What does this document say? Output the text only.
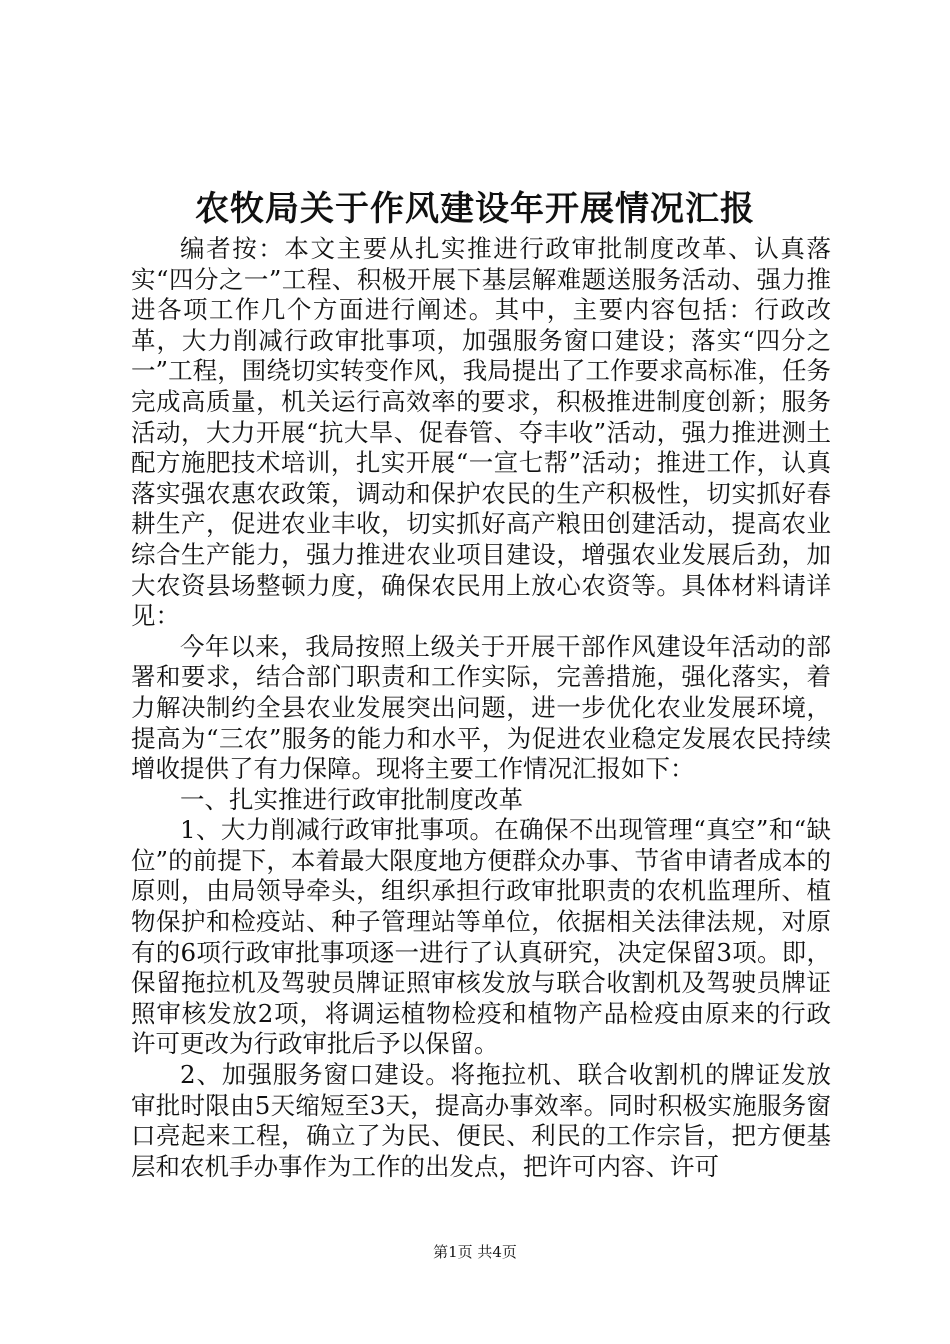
农牧局关于作风建设年开展情况汇报

编者按：本文主要从扎实推进行政审批制度改革、认真落实“四分之一”工程、积极开展下基层解难题送服务活动、强力推进各项工作几个方面进行阐述。其中，主要内容包括：行政改革，大力削减行政审批事项，加强服务窗口建设；落实“四分之一”工程，围绕切实转变作风，我局提出了工作要求高标准，任务完成高质量，机关运行高效率的要求，积极推进制度创新；服务活动，大力开展“抗大旱、促春管、夺丰收”活动，强力推进测土配方施肥技术培训，扎实开展“一宣七帮”活动；推进工作，认真落实强农惠农政策，调动和保护农民的生产积极性，切实抓好春耕生产，促进农业丰收，切实抓好高产粮田创建活动，提高农业综合生产能力，强力推进农业项目建设，增强农业发展后劲，加大农资县场整顿力度，确保农民用上放心农资等。具体材料请详见：

今年以来，我局按照上级关于开展干部作风建设年活动的部署和要求，结合部门职责和工作实际，完善措施，强化落实，着力解决制约全县农业发展突出问题，进一步优化农业发展环境，提高为“三农”服务的能力和水平，为促进农业稳定发展农民持续增收提供了有力保障。现将主要工作情况汇报如下：

一、扎实推进行政审批制度改革

1、大力削减行政审批事项。在确保不出现管理“真空”和“缺位”的前提下，本着最大限度地方便群众办事、节省申请者成本的原则，由局领导牵头，组织承担行政审批职责的农机监理所、植物保护和检疫站、种子管理站等单位，依据相关法律法规，对原有的6项行政审批事项逐一进行了认真研究，决定保留3项。即，保留拖拉机及驾驶员牌证照审核发放与联合收割机及驾驶员牌证照审核发放2项，将调运植物检疫和植物产品检疫由原来的行政许可更改为行政审批后予以保留。

2、加强服务窗口建设。将拖拉机、联合收割机的牌证发放审批时限由5天缩短至3天，提高办事效率。同时积极实施服务窗口亮起来工程，确立了为民、便民、利民的工作宗旨，把方便基层和农机手办事作为工作的出发点，把许可内容、许可

第1页 共4页
